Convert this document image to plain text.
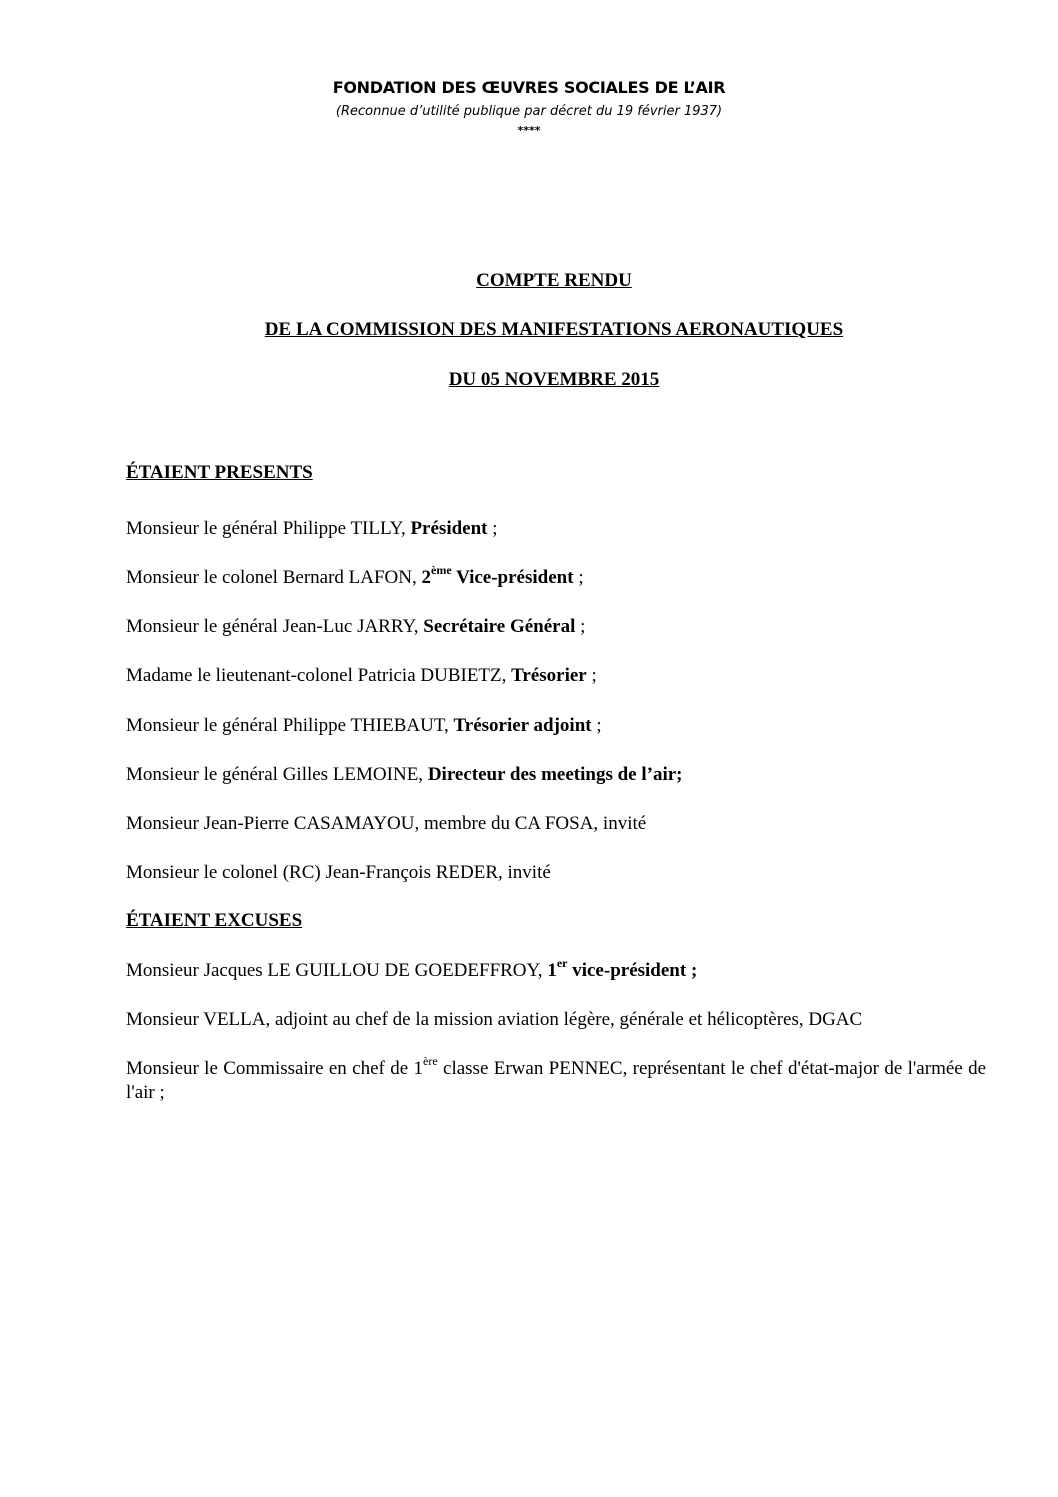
FONDATION DES ŒUVRES SOCIALES DE L’AIR
(Reconnue d’utilité publique par décret du 19 février 1937)
****
COMPTE RENDU
DE LA COMMISSION DES MANIFESTATIONS AERONAUTIQUES
DU 05 NOVEMBRE 2015
ÉTAIENT PRESENTS
Monsieur le général Philippe TILLY, Président ;
Monsieur le colonel Bernard LAFON, 2ème Vice-président ;
Monsieur le général Jean-Luc JARRY, Secrétaire Général ;
Madame le lieutenant-colonel Patricia DUBIETZ, Trésorier ;
Monsieur le général Philippe THIEBAUT, Trésorier adjoint ;
Monsieur le général Gilles LEMOINE, Directeur des meetings de l’air;
Monsieur Jean-Pierre CASAMAYOU, membre du CA FOSA, invité
Monsieur le colonel (RC) Jean-François REDER, invité
ÉTAIENT EXCUSES
Monsieur Jacques LE GUILLOU DE GOEDEFFROY, 1er vice-président ;
Monsieur VELLA, adjoint au chef de la mission aviation légère, générale et hélicoptères, DGAC
Monsieur le Commissaire en chef de 1ère classe Erwan PENNEC, représentant le chef d'état-major de l'armée de l'air ;
